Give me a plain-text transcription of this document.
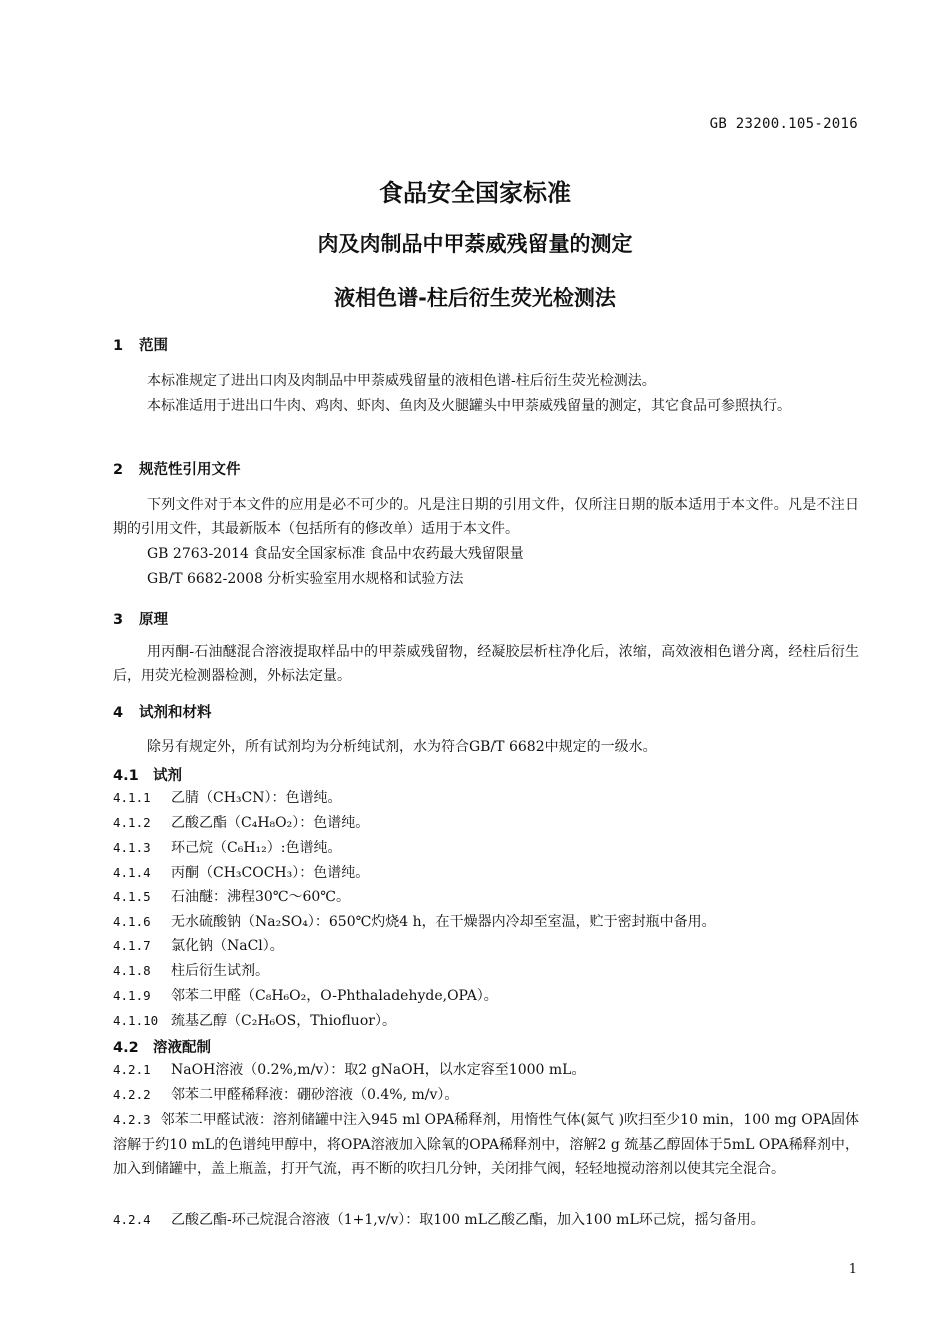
GB 23200.105-2016
食品安全国家标准
肉及肉制品中甲萘威残留量的测定
液相色谱-柱后衍生荧光检测法
1 范围
本标准规定了进出口肉及肉制品中甲萘威残留量的液相色谱-柱后衍生荧光检测法。
本标准适用于进出口牛肉、鸡肉、虾肉、鱼肉及火腿罐头中甲萘威残留量的测定，其它食品可参照执行。
2 规范性引用文件
下列文件对于本文件的应用是必不可少的。凡是注日期的引用文件，仅所注日期的版本适用于本文件。凡是不注日期的引用文件，其最新版本（包括所有的修改单）适用于本文件。
GB 2763-2014 食品安全国家标准 食品中农药最大残留限量
GB/T 6682-2008 分析实验室用水规格和试验方法
3 原理
用丙酮-石油醚混合溶液提取样品中的甲萘威残留物，经凝胶层析柱净化后，浓缩，高效液相色谱分离，经柱后衍生后，用荧光检测器检测，外标法定量。
4 试剂和材料
除另有规定外，所有试剂均为分析纯试剂，水为符合GB/T 6682中规定的一级水。
4.1 试剂
4.1.1 乙腈（CH₃CN）：色谱纯。
4.1.2 乙酸乙酯（C₄H₈O₂）：色谱纯。
4.1.3 环己烷（C₆H₁₂）:色谱纯。
4.1.4 丙酮（CH₃COCH₃）：色谱纯。
4.1.5 石油醚：沸程30℃～60℃。
4.1.6 无水硫酸钠（Na₂SO₄）：650℃灼烧4 h，在干燥器内冷却至室温，贮于密封瓶中备用。
4.1.7 氯化钠（NaCl）。
4.1.8 柱后衍生试剂。
4.1.9 邻苯二甲醛（C₈H₆O₂，O-Phthaladehyde,OPA）。
4.1.10 巯基乙醇（C₂H₆OS，Thiofluor）。
4.2 溶液配制
4.2.1 NaOH溶液（0.2%,m/v）：取2 gNaOH，以水定容至1000 mL。
4.2.2 邻苯二甲醛稀释液：硼砂溶液（0.4%, m/v）。
4.2.3 邻苯二甲醛试液：溶剂储罐中注入945 ml OPA稀释剂，用惰性气体(氮气 )吹扫至少10 min，100 mg OPA固体溶解于约10 mL的色谱纯甲醇中，将OPA溶液加入除氧的OPA稀释剂中，溶解2 g 巯基乙醇固体于5mL OPA稀释剂中，加入到储罐中，盖上瓶盖，打开气流，再不断的吹扫几分钟，关闭排气阀，轻轻地搅动溶剂以使其完全混合。
4.2.4 乙酸乙酯-环己烷混合溶液（1+1,v/v）：取100 mL乙酸乙酯，加入100 mL环己烷，摇匀备用。
1
